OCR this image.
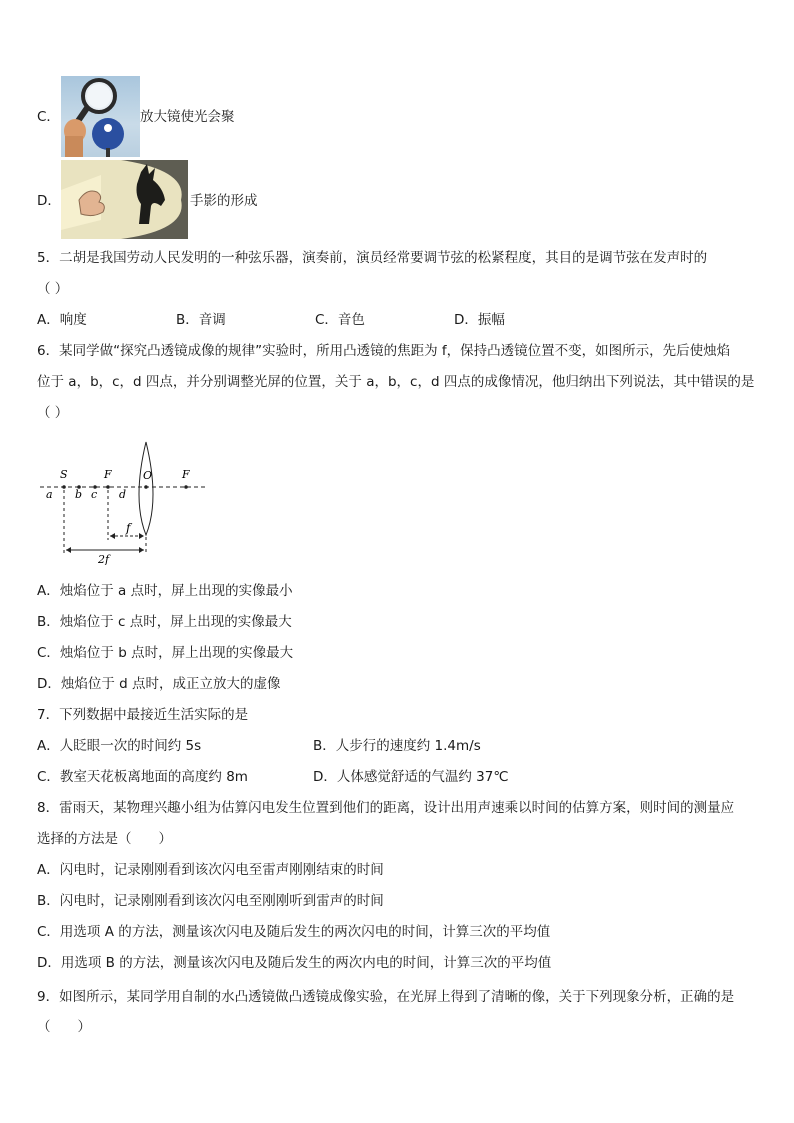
C．	放大镜使光会聚
D．	手影的形成
5．二胡是我国劳动人民发明的一种弦乐器，演奏前，演员经常要调节弦的松紧程度，其目的是调节弦在发声时的
（ ）
A．响度	B．音调	C．音色	D．振幅
6．某同学做“探究凸透镜成像的规律”实验时，所用凸透镜的焦距为 f，保持凸透镜位置不变，如图所示，先后使烛焰
位于 a，b，c，d 四点，并分别调整光屏的位置，关于 a，b，c，d 四点的成像情况，他归纳出下列说法，其中错误的是
（ ）
S	F	O	F
a b c d
f
2f
A．烛焰位于 a 点时，屏上出现的实像最小
B．烛焰位于 c 点时，屏上出现的实像最大
C．烛焰位于 b 点时，屏上出现的实像最大
D．烛焰位于 d 点时，成正立放大的虚像
7．下列数据中最接近生活实际的是
A．人眨眼一次的时间约 5s	B．人步行的速度约 1.4m/s
C．教室天花板离地面的高度约 8m	D．人体感觉舒适的气温约 37℃
8．雷雨天，某物理兴趣小组为估算闪电发生位置到他们的距离，设计出用声速乘以时间的估算方案，则时间的测量应
选择的方法是（　　）
A．闪电时，记录刚刚看到该次闪电至雷声刚刚结束的时间
B．闪电时，记录刚刚看到该次闪电至刚刚听到雷声的时间
C．用选项 A 的方法，测量该次闪电及随后发生的两次闪电的时间，计算三次的平均值
D．用选项 B 的方法，测量该次闪电及随后发生的两次内电的时间，计算三次的平均值
9．如图所示，某同学用自制的水凸透镜做凸透镜成像实验，在光屏上得到了清晰的像，关于下列现象分析，正确的是
（　　）
